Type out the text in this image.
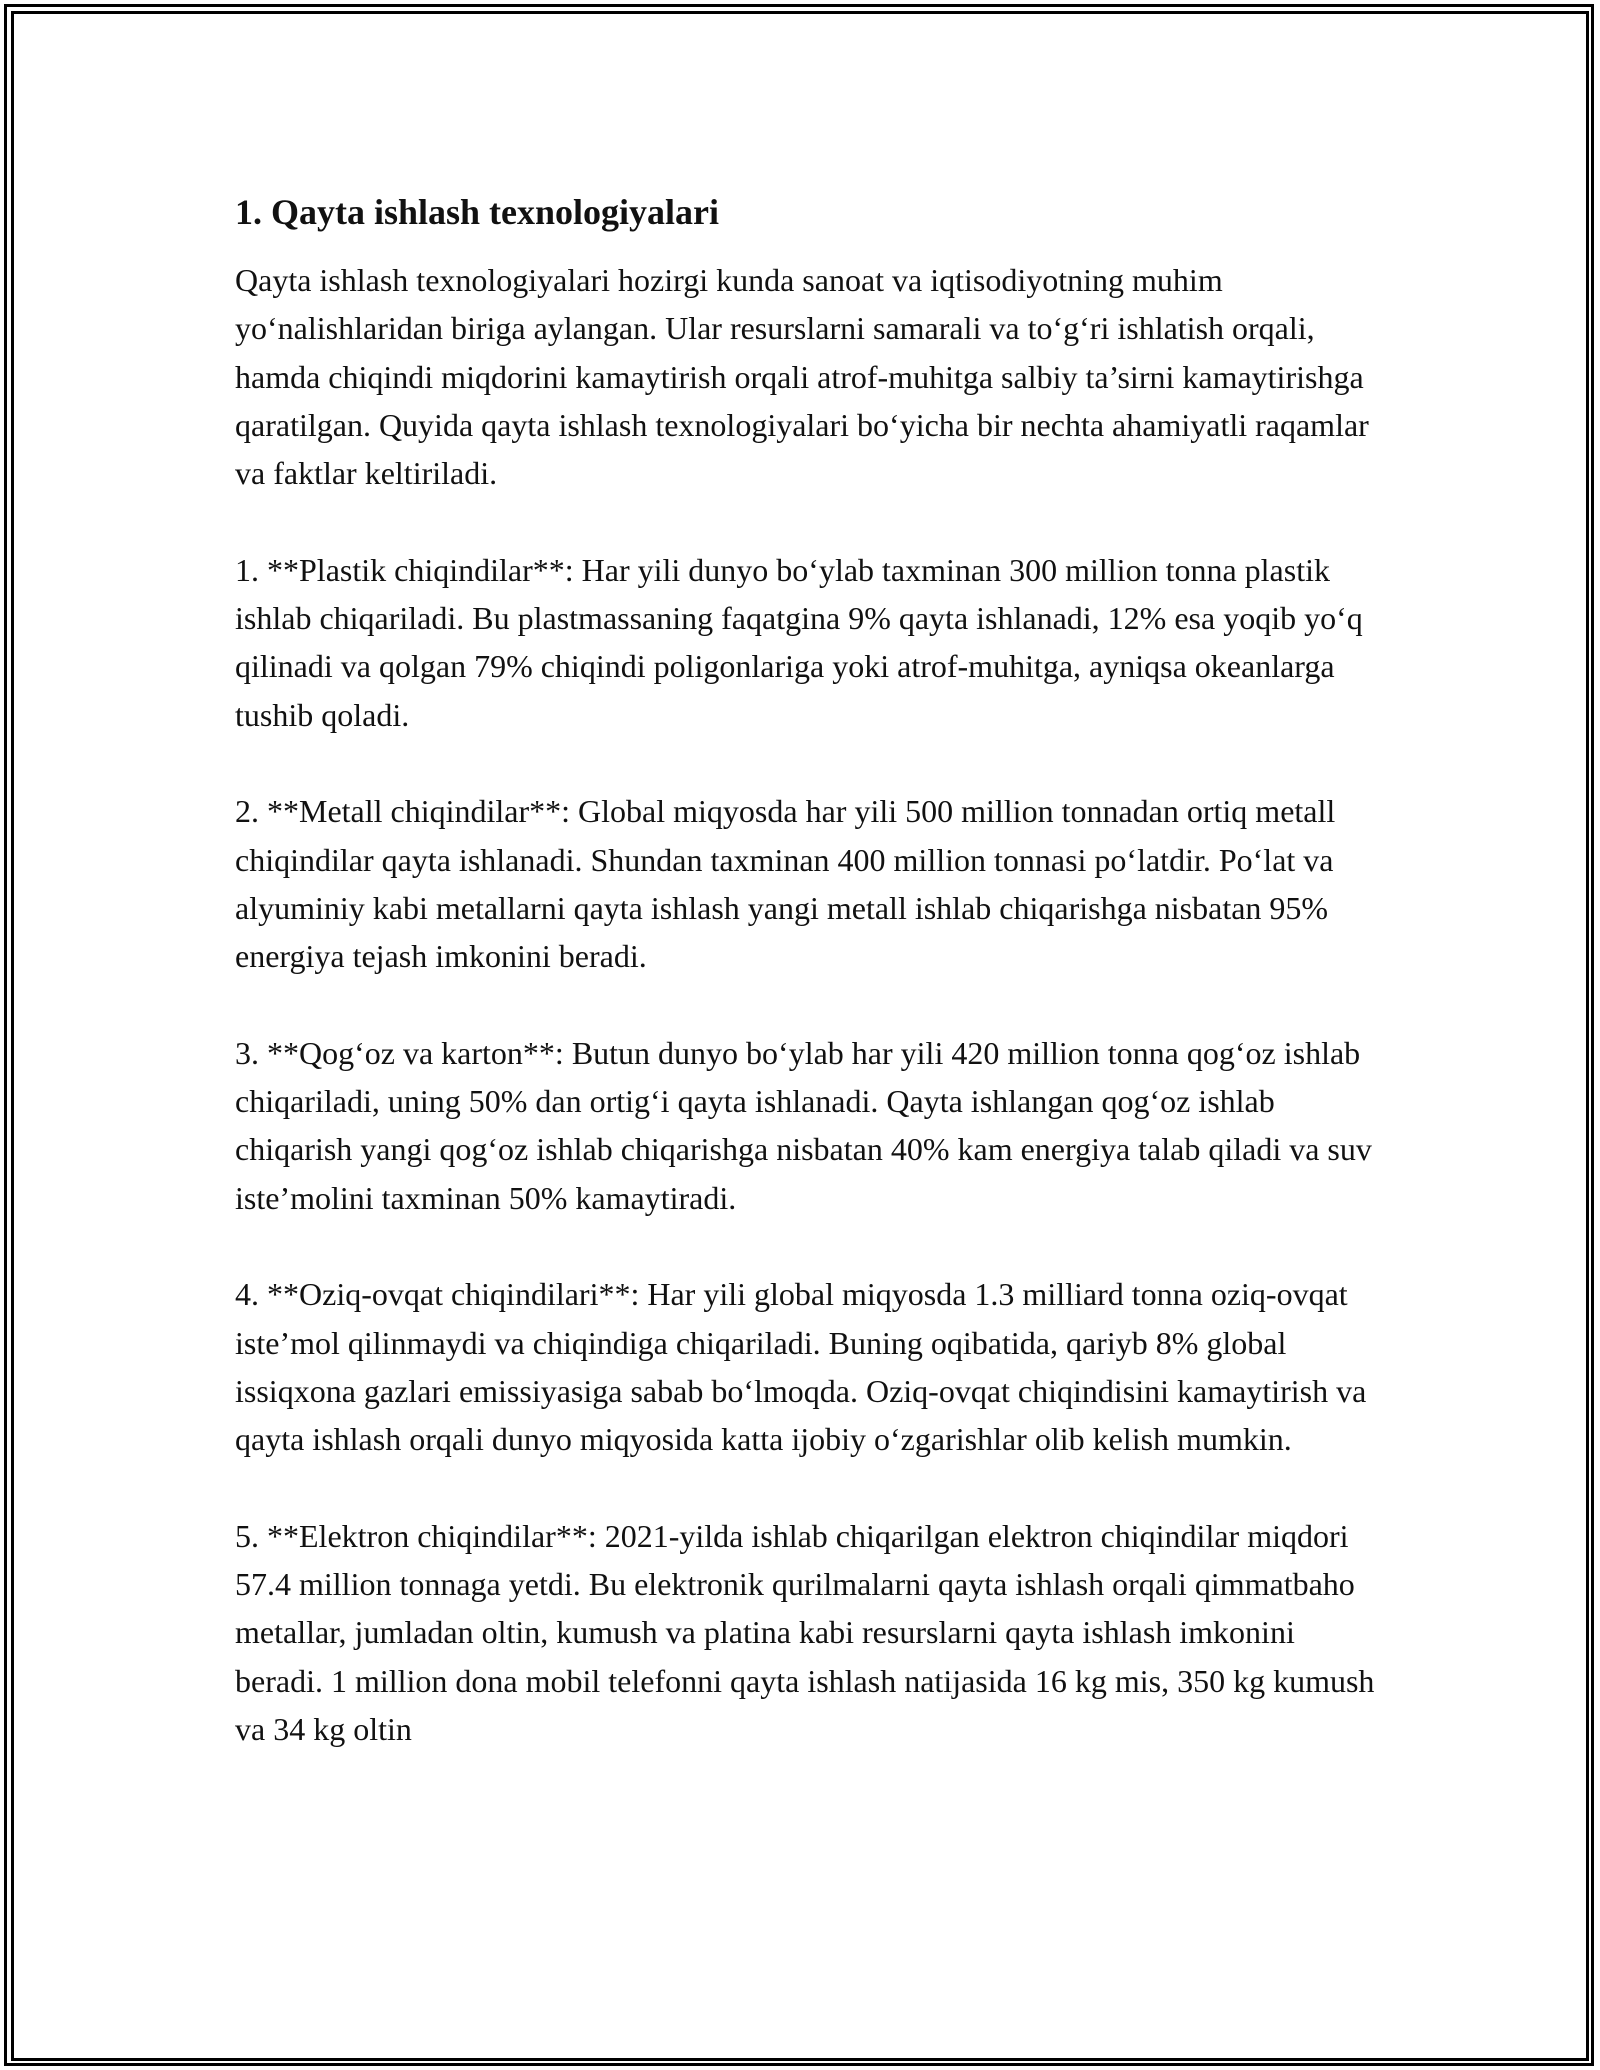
1. Qayta ishlash texnologiyalari

Qayta ishlash texnologiyalari hozirgi kunda sanoat va iqtisodiyotning muhim yo‘nalishlaridan biriga aylangan. Ular resurslarni samarali va to‘g‘ri ishlatish orqali, hamda chiqindi miqdorini kamaytirish orqali atrof-muhitga salbiy ta’sirni kamaytirishga qaratilgan. Quyida qayta ishlash texnologiyalari bo‘yicha bir nechta ahamiyatli raqamlar va faktlar keltiriladi.

1. **Plastik chiqindilar**: Har yili dunyo bo‘ylab taxminan 300 million tonna plastik ishlab chiqariladi. Bu plastmassaning faqatgina 9% qayta ishlanadi, 12% esa yoqib yo‘q qilinadi va qolgan 79% chiqindi poligonlariga yoki atrof-muhitga, ayniqsa okeanlarga tushib qoladi.

2. **Metall chiqindilar**: Global miqyosda har yili 500 million tonnadan ortiq metall chiqindilar qayta ishlanadi. Shundan taxminan 400 million tonnasi po‘latdir. Po‘lat va alyuminiy kabi metallarni qayta ishlash yangi metall ishlab chiqarishga nisbatan 95% energiya tejash imkonini beradi.

3. **Qog‘oz va karton**: Butun dunyo bo‘ylab har yili 420 million tonna qog‘oz ishlab chiqariladi, uning 50% dan ortig‘i qayta ishlanadi. Qayta ishlangan qog‘oz ishlab chiqarish yangi qog‘oz ishlab chiqarishga nisbatan 40% kam energiya talab qiladi va suv iste’molini taxminan 50% kamaytiradi.

4. **Oziq-ovqat chiqindilari**: Har yili global miqyosda 1.3 milliard tonna oziq-ovqat iste’mol qilinmaydi va chiqindiga chiqariladi. Buning oqibatida, qariyb 8% global issiqxona gazlari emissiyasiga sabab bo‘lmoqda. Oziq-ovqat chiqindisini kamaytirish va qayta ishlash orqali dunyo miqyosida katta ijobiy o‘zgarishlar olib kelish mumkin.

5. **Elektron chiqindilar**: 2021-yilda ishlab chiqarilgan elektron chiqindilar miqdori 57.4 million tonnaga yetdi. Bu elektronik qurilmalarni qayta ishlash orqali qimmatbaho metallar, jumladan oltin, kumush va platina kabi resurslarni qayta ishlash imkonini beradi. 1 million dona mobil telefonni qayta ishlash natijasida 16 kg mis, 350 kg kumush va 34 kg oltin
